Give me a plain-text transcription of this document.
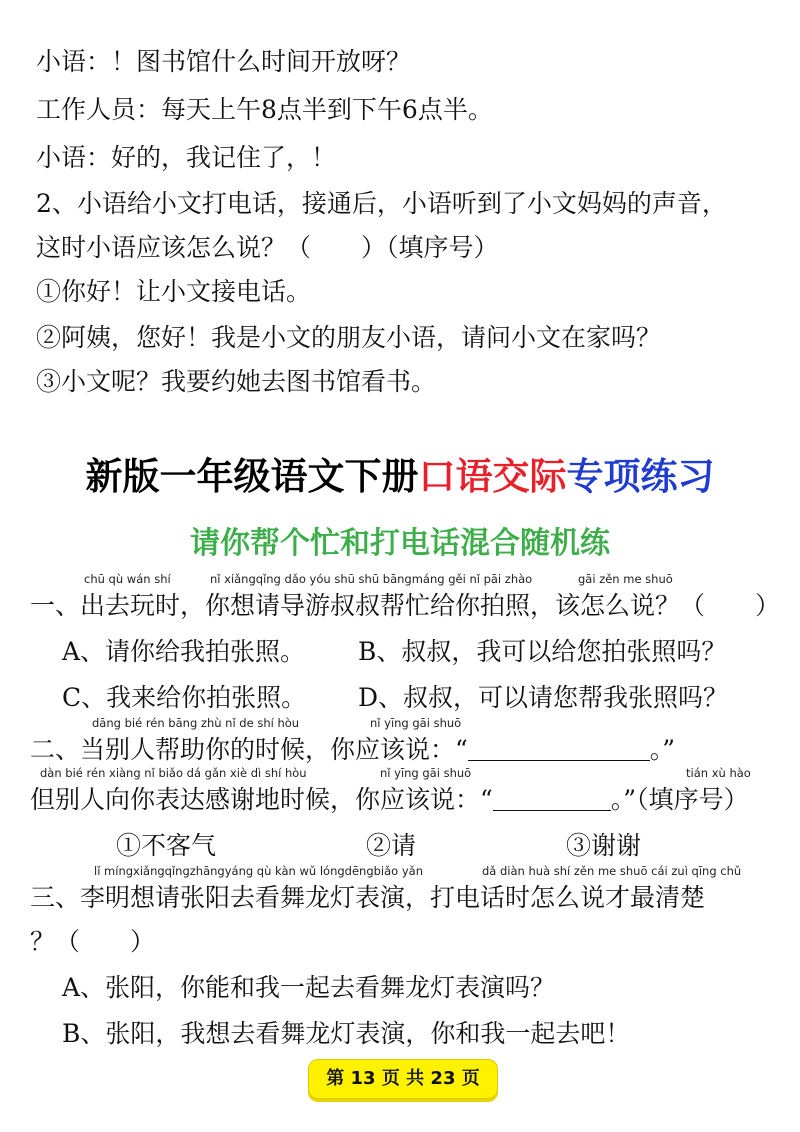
小语：！图书馆什么时间开放呀？
工作人员：每天上午8点半到下午6点半。
小语：好的，我记住了，！
2、小语给小文打电话，接通后，小语听到了小文妈妈的声音，
这时小语应该怎么说？（　　）（填序号）
①你好！让小文接电话。
②阿姨，您好！我是小文的朋友小语，请问小文在家吗？
③小文呢？我要约她去图书馆看书。
新版一年级语文下册口语交际专项练习
请你帮个忙和打电话混合随机练
chū qù wán shí	nǐ xiǎngqǐng dǎo yóu shū shū bāngmáng gěi nǐ pāi zhào	gāi zěn me shuō
一、出去玩时，你想请导游叔叔帮忙给你拍照，该怎么说？（　　）
A、请你给我拍张照。 B、叔叔，我可以给您拍张照吗？
C、我来给你拍张照。 D、叔叔，可以请您帮我张照吗？
dāng bié rén bāng zhù nǐ de shí hòu	nǐ yīng gāi shuō
二、当别人帮助你的时候，你应该说：“	。”
dàn bié rén xiàng nǐ biǎo dá gǎn xiè dì shí hòu	nǐ yīng gāi shuō	tián xù hào
但别人向你表达感谢地时候，你应该说：“	。”（填序号）
①不客气	②请	③谢谢
lǐ míngxiǎngqǐngzhāngyáng qù kàn wǔ lóngdēngbiǎo yǎn	dǎ diàn huà shí zěn me shuō cái zuì qīng chǔ
三、李明想请张阳去看舞龙灯表演，打电话时怎么说才最清楚
？（　　）
A、张阳，你能和我一起去看舞龙灯表演吗？
B、张阳，我想去看舞龙灯表演，你和我一起去吧！
第 13 页 共 23 页
